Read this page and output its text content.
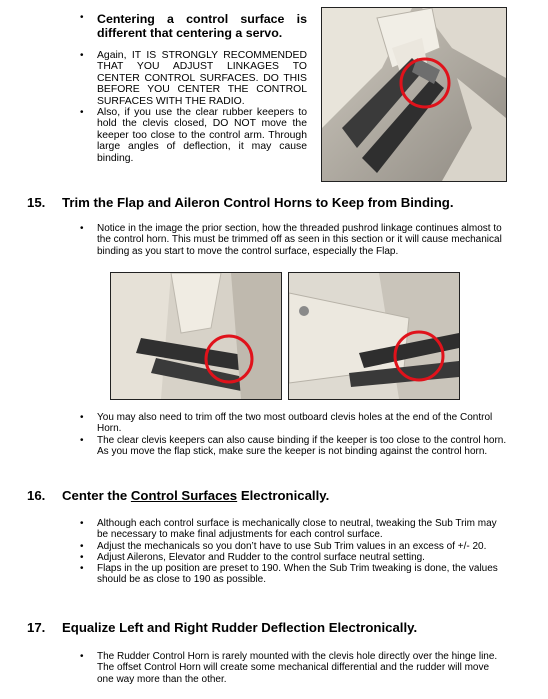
• Centering a control surface is different that centering a servo.
• Again, IT IS STRONGLY RECOMMENDED THAT YOU ADJUST LINKAGES TO CENTER CONTROL SURFACES. DO THIS BEFORE YOU CENTER THE CONTROL SURFACES WITH THE RADIO.
• Also, if you use the clear rubber keepers to hold the clevis closed, DO NOT move the keeper too close to the control arm. Through large angles of deflection, it may cause binding.
15. Trim the Flap and Aileron Control Horns to Keep from Binding.
• Notice in the image the prior section, how the threaded pushrod linkage continues almost to the control horn. This must be trimmed off as seen in this section or it will cause mechanical binding as you start to move the control surface, especially the Flap.
• You may also need to trim off the two most outboard clevis holes at the end of the Control Horn.
• The clear clevis keepers can also cause binding if the keeper is too close to the control horn. As you move the flap stick, make sure the keeper is not binding against the control horn.
16. Center the Control Surfaces Electronically.
• Although each control surface is mechanically close to neutral, tweaking the Sub Trim may be necessary to make final adjustments for each control surface.
• Adjust the mechanicals so you don’t have to use Sub Trim values in an excess of +/- 20.
• Adjust Ailerons, Elevator and Rudder to the control surface neutral setting.
• Flaps in the up position are preset to 190. When the Sub Trim tweaking is done, the values should be as close to 190 as possible.
17. Equalize Left and Right Rudder Deflection Electronically.
• The Rudder Control Horn is rarely mounted with the clevis hole directly over the hinge line. The offset Control Horn will create some mechanical differential and the rudder will move one way more than the other.
